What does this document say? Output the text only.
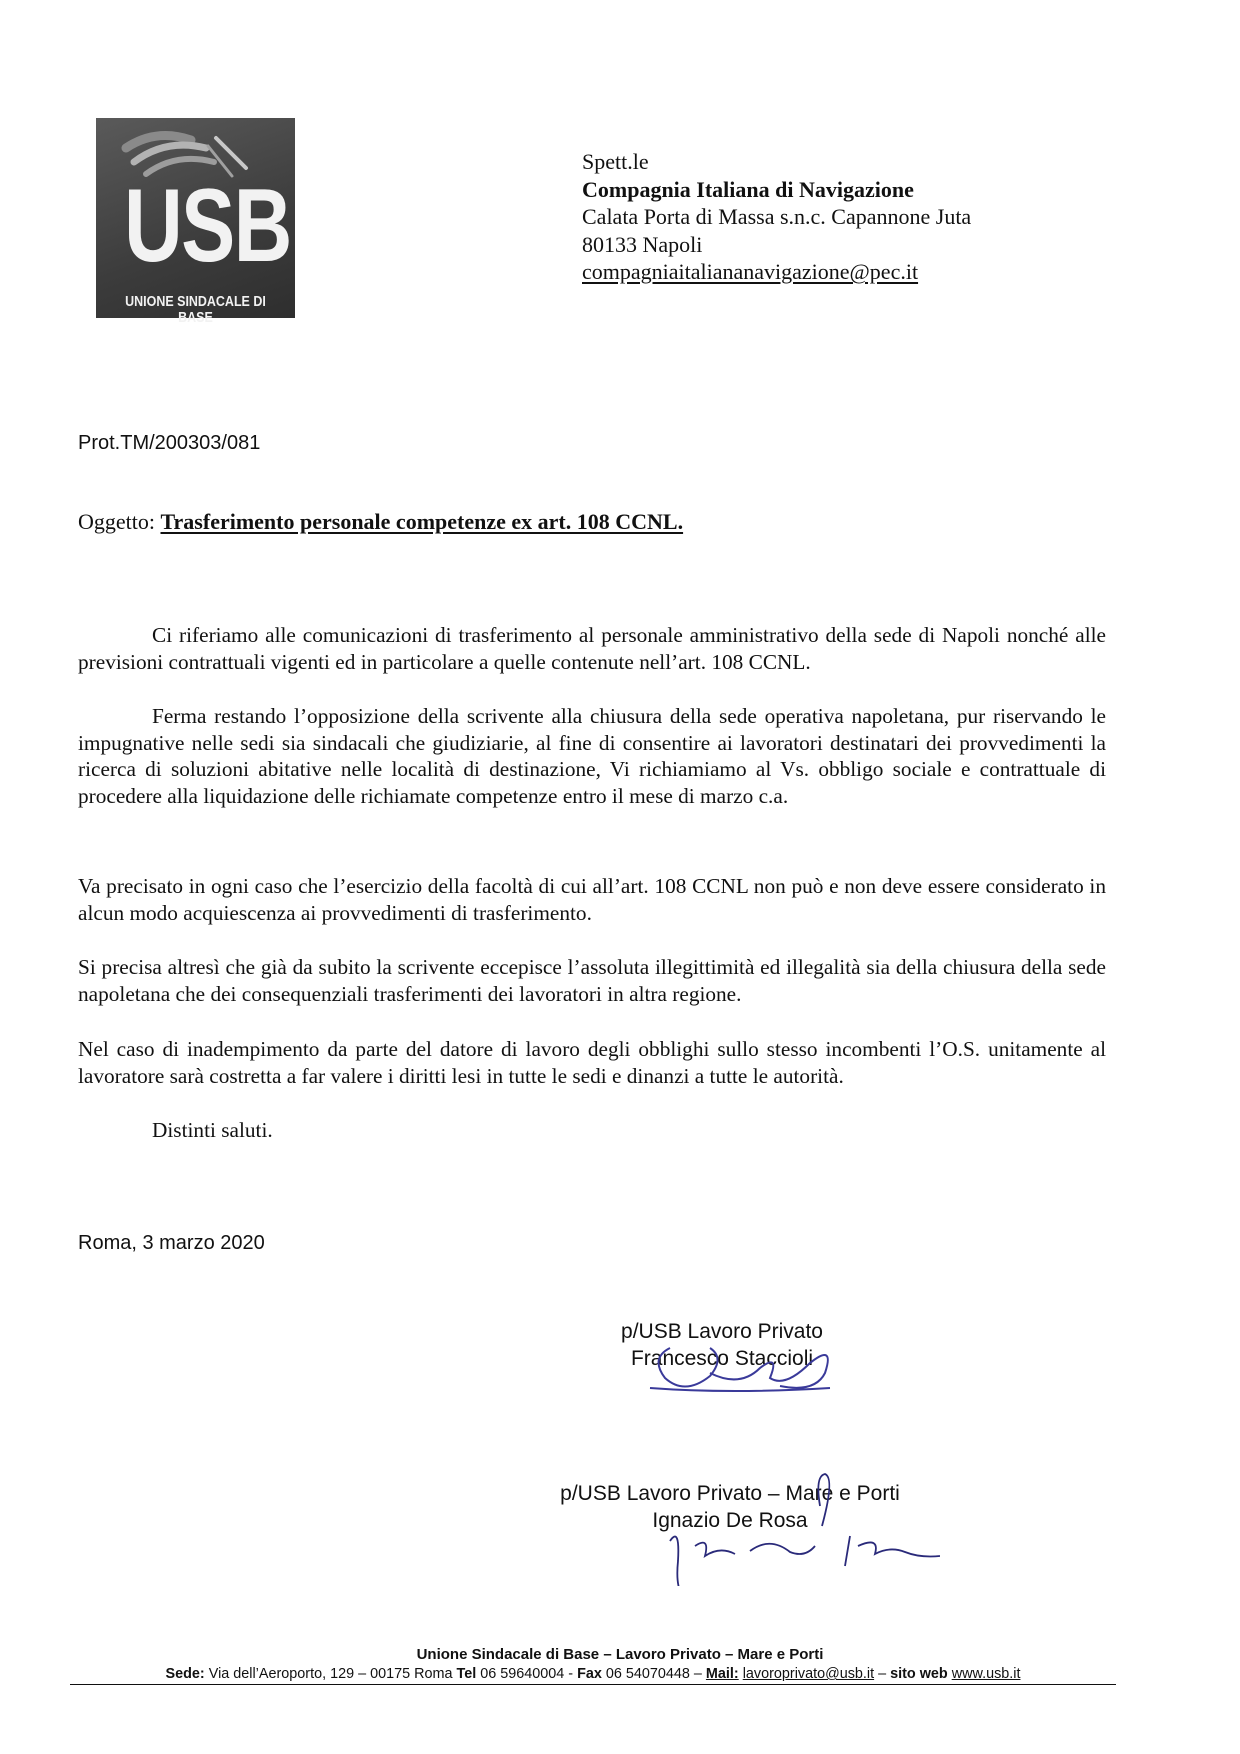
USB
UNIONE SINDACALE DI BASE
Spett.le
Compagnia Italiana di Navigazione
Calata Porta di Massa s.n.c. Capannone Juta
80133 Napoli
compagniaitaliananavigazione@pec.it
Prot.TM/200303/081
Oggetto: Trasferimento personale competenze ex art. 108 CCNL.

Ci riferiamo alle comunicazioni di trasferimento al personale amministrativo della sede di Napoli nonché alle previsioni contrattuali vigenti ed in particolare a quelle contenute nell’art. 108 CCNL.

Ferma restando l’opposizione della scrivente alla chiusura della sede operativa napoletana, pur riservando le impugnative nelle sedi sia sindacali che giudiziarie, al fine di consentire ai lavoratori destinatari dei provvedimenti la ricerca di soluzioni abitative nelle località di destinazione, Vi richiamiamo al Vs. obbligo sociale e contrattuale di procedere alla liquidazione delle richiamate competenze entro il mese di marzo c.a.

Va precisato in ogni caso che l’esercizio della facoltà di cui all’art. 108 CCNL non può e non deve essere considerato in alcun modo acquiescenza ai provvedimenti di trasferimento.

Si precisa altresì che già da subito la scrivente eccepisce l’assoluta illegittimità ed illegalità sia della chiusura della sede napoletana che dei consequenziali trasferimenti dei lavoratori in altra regione.

Nel caso di inadempimento da parte del datore di lavoro degli obblighi sullo stesso incombenti l’O.S. unitamente al lavoratore sarà costretta a far valere i diritti lesi in tutte le sedi e dinanzi a tutte le autorità.

Distinti saluti.

Roma, 3 marzo 2020
p/USB Lavoro Privato
Francesco Staccioli
p/USB Lavoro Privato – Mare e Porti
Ignazio De Rosa
Unione Sindacale di Base – Lavoro Privato – Mare e Porti
Sede: Via dell’Aeroporto, 129 – 00175 Roma Tel 06 59640004 - Fax 06 54070448 – Mail: lavoroprivato@usb.it – sito web www.usb.it
